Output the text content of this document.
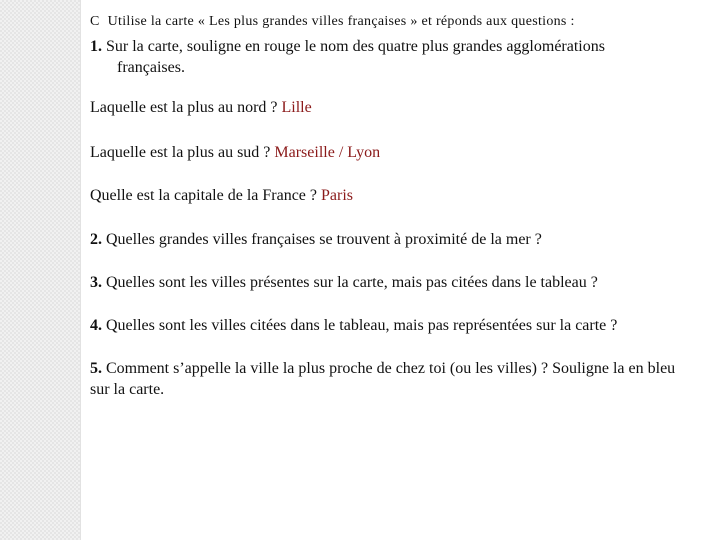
C Utilise la carte « Les plus grandes villes françaises » et réponds aux questions :
1. Sur la carte, souligne en rouge le nom des quatre plus grandes agglomérations
françaises.
Laquelle est la plus au nord ? Lille
Laquelle est la plus au sud ? Marseille / Lyon
Quelle est la capitale de la France ? Paris
2. Quelles grandes villes françaises se trouvent à proximité de la mer ?
3. Quelles sont les villes présentes sur la carte, mais pas citées dans le tableau ?
4. Quelles sont les villes citées dans le tableau, mais pas représentées sur la carte ?
5. Comment s’appelle la ville la plus proche de chez toi (ou les villes) ? Souligne la en bleu sur la carte.
